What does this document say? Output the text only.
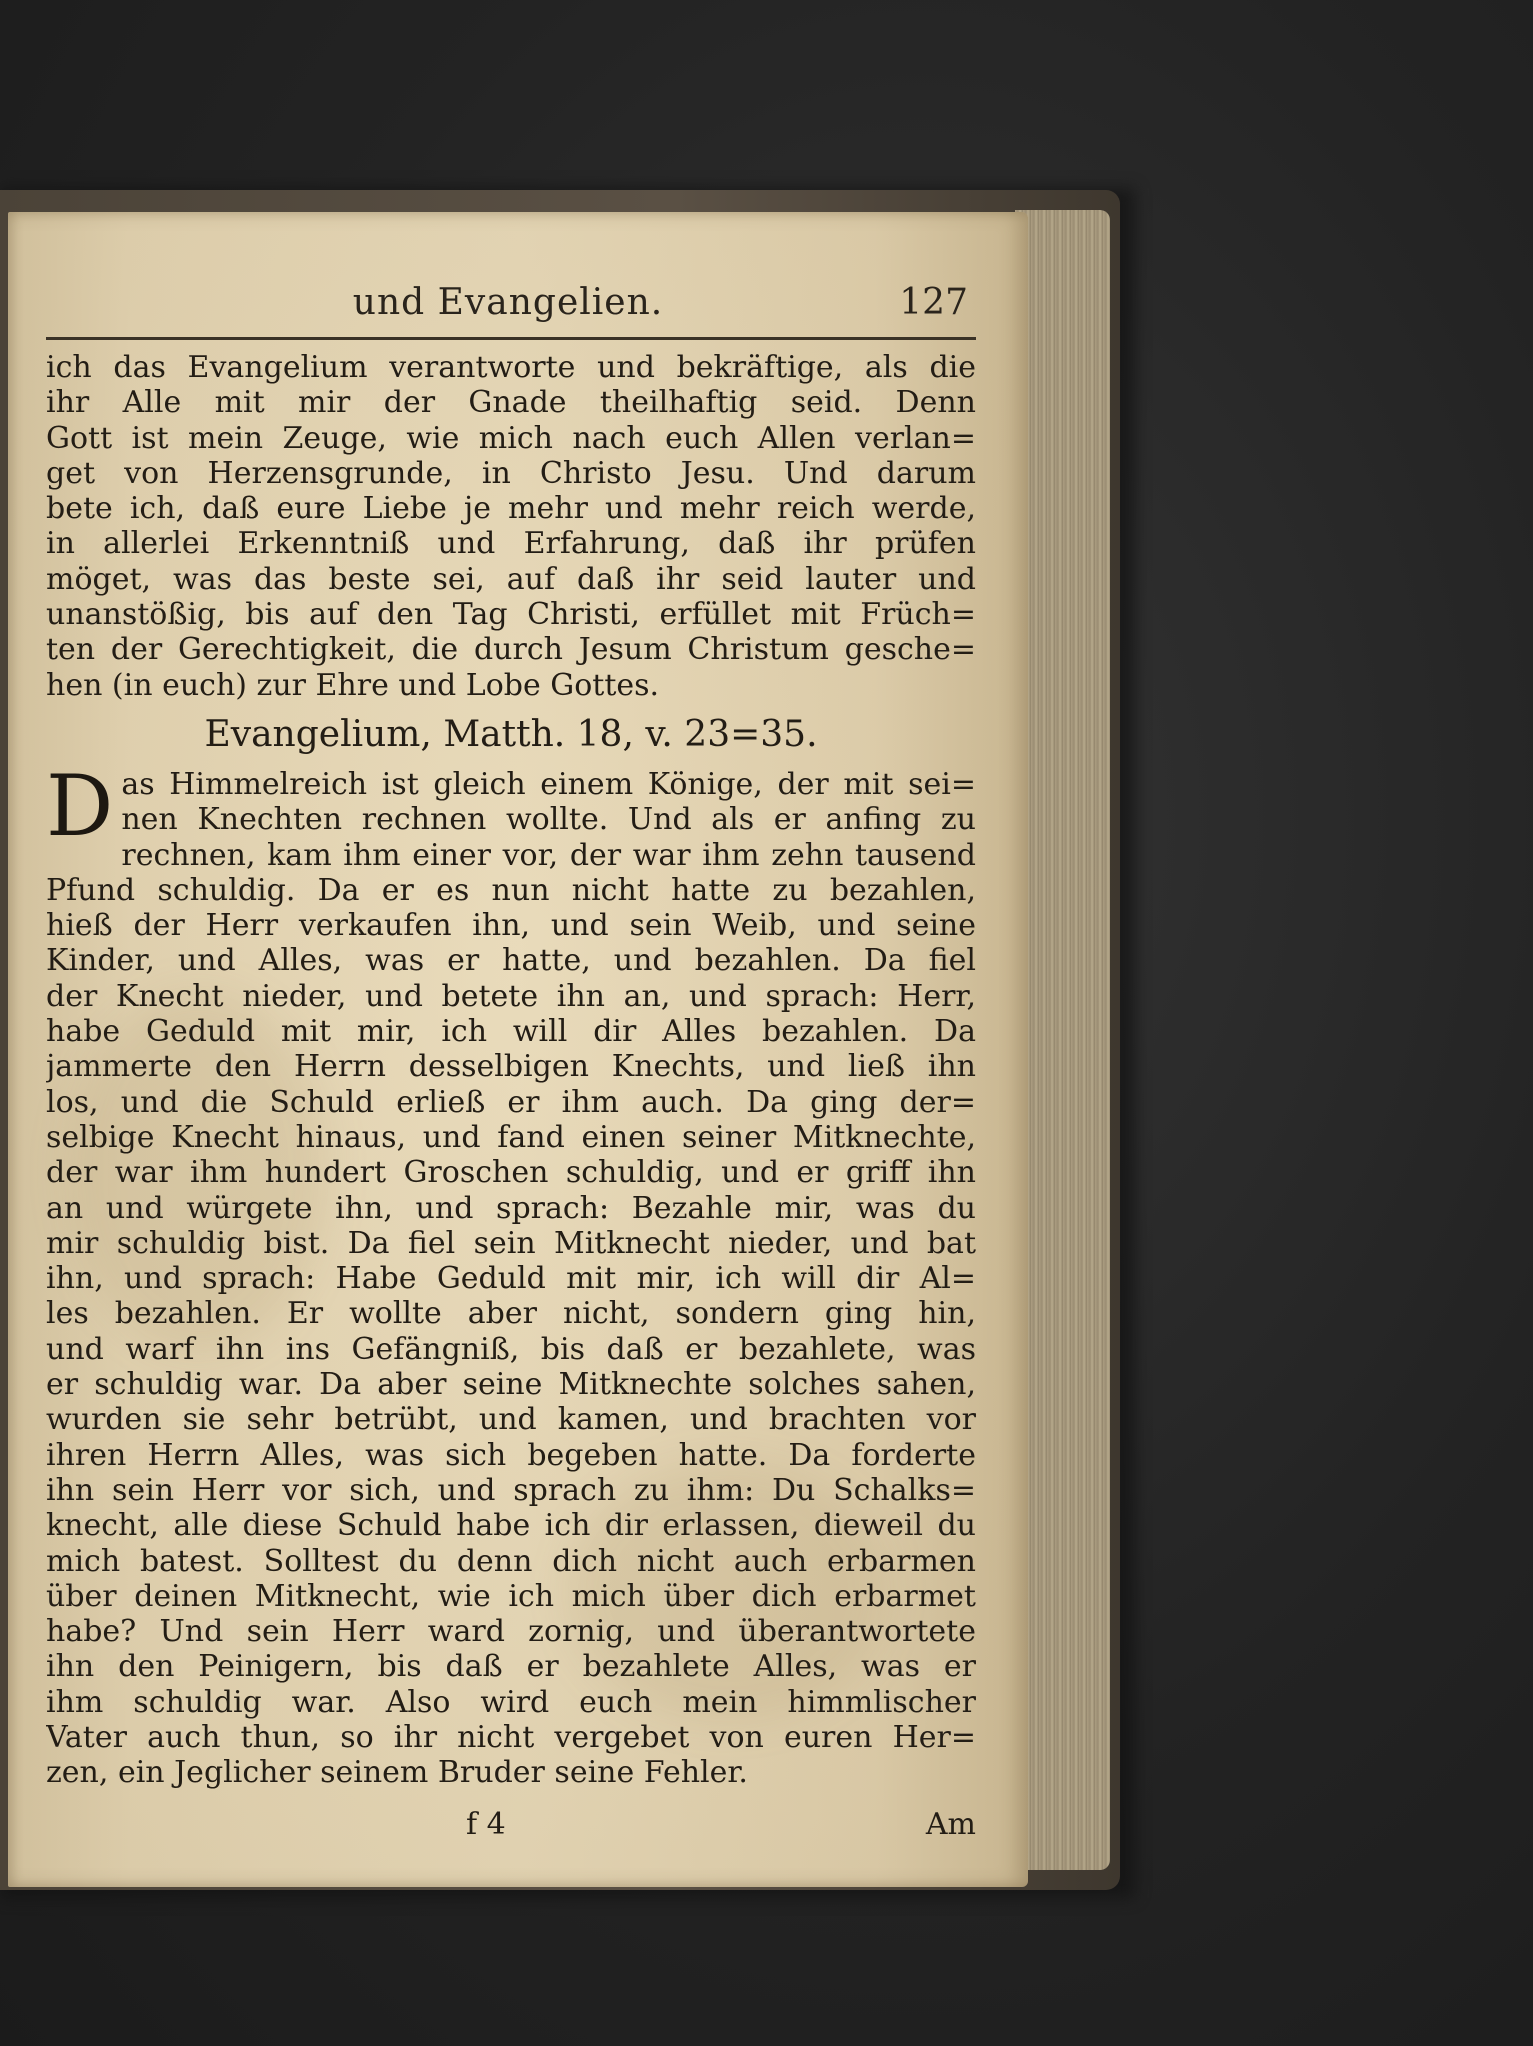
und Evangelien.	127
ich das Evangelium verantworte und bekräftige, als die
ihr Alle mit mir der Gnade theilhaftig seid. Denn
Gott ist mein Zeuge, wie mich nach euch Allen verlan=
get von Herzensgrunde, in Christo Jesu. Und darum
bete ich, daß eure Liebe je mehr und mehr reich werde,
in allerlei Erkenntniß und Erfahrung, daß ihr prüfen
möget, was das beste sei, auf daß ihr seid lauter und
unanstößig, bis auf den Tag Christi, erfüllet mit Früch=
ten der Gerechtigkeit, die durch Jesum Christum gesche=
hen (in euch) zur Ehre und Lobe Gottes.
Evangelium, Matth. 18, v. 23=35.
D as Himmelreich ist gleich einem Könige, der mit sei=
nen Knechten rechnen wollte. Und als er anfing zu
rechnen, kam ihm einer vor, der war ihm zehn tausend
Pfund schuldig. Da er es nun nicht hatte zu bezahlen,
hieß der Herr verkaufen ihn, und sein Weib, und seine
Kinder, und Alles, was er hatte, und bezahlen. Da fiel
der Knecht nieder, und betete ihn an, und sprach: Herr,
habe Geduld mit mir, ich will dir Alles bezahlen. Da
jammerte den Herrn desselbigen Knechts, und ließ ihn
los, und die Schuld erließ er ihm auch. Da ging der=
selbige Knecht hinaus, und fand einen seiner Mitknechte,
der war ihm hundert Groschen schuldig, und er griff ihn
an und würgete ihn, und sprach: Bezahle mir, was du
mir schuldig bist. Da fiel sein Mitknecht nieder, und bat
ihn, und sprach: Habe Geduld mit mir, ich will dir Al=
les bezahlen. Er wollte aber nicht, sondern ging hin,
und warf ihn ins Gefängniß, bis daß er bezahlete, was
er schuldig war. Da aber seine Mitknechte solches sahen,
wurden sie sehr betrübt, und kamen, und brachten vor
ihren Herrn Alles, was sich begeben hatte. Da forderte
ihn sein Herr vor sich, und sprach zu ihm: Du Schalks=
knecht, alle diese Schuld habe ich dir erlassen, dieweil du
mich batest. Solltest du denn dich nicht auch erbarmen
über deinen Mitknecht, wie ich mich über dich erbarmet
habe? Und sein Herr ward zornig, und überantwortete
ihn den Peinigern, bis daß er bezahlete Alles, was er
ihm schuldig war. Also wird euch mein himmlischer
Vater auch thun, so ihr nicht vergebet von euren Her=
zen, ein Jeglicher seinem Bruder seine Fehler.
f 4	Am
